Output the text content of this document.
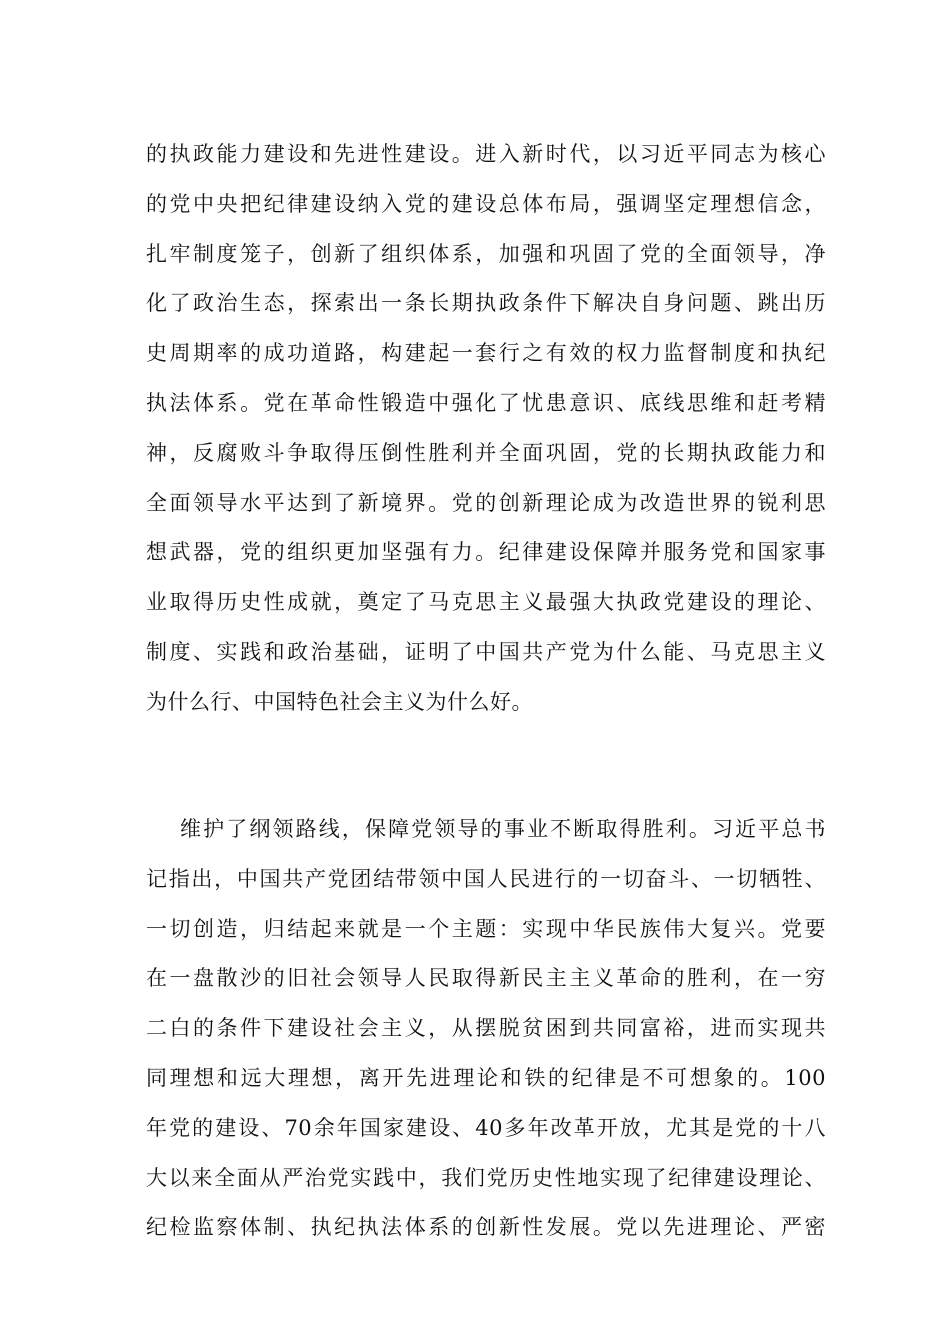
的执政能力建设和先进性建设。进入新时代，以习近平同志为核心
的党中央把纪律建设纳入党的建设总体布局，强调坚定理想信念，
扎牢制度笼子，创新了组织体系，加强和巩固了党的全面领导，净
化了政治生态，探索出一条长期执政条件下解决自身问题、跳出历
史周期率的成功道路，构建起一套行之有效的权力监督制度和执纪
执法体系。党在革命性锻造中强化了忧患意识、底线思维和赶考精
神，反腐败斗争取得压倒性胜利并全面巩固，党的长期执政能力和
全面领导水平达到了新境界。党的创新理论成为改造世界的锐利思
想武器，党的组织更加坚强有力。纪律建设保障并服务党和国家事
业取得历史性成就，奠定了马克思主义最强大执政党建设的理论、
制度、实践和政治基础，证明了中国共产党为什么能、马克思主义
为什么行、中国特色社会主义为什么好。
维护了纲领路线，保障党领导的事业不断取得胜利。习近平总书
记指出，中国共产党团结带领中国人民进行的一切奋斗、一切牺牲、
一切创造，归结起来就是一个主题：实现中华民族伟大复兴。党要
在一盘散沙的旧社会领导人民取得新民主主义革命的胜利，在一穷
二白的条件下建设社会主义，从摆脱贫困到共同富裕，进而实现共
同理想和远大理想，离开先进理论和铁的纪律是不可想象的。100
年党的建设、70余年国家建设、40多年改革开放，尤其是党的十八
大以来全面从严治党实践中，我们党历史性地实现了纪律建设理论、
纪检监察体制、执纪执法体系的创新性发展。党以先进理论、严密
